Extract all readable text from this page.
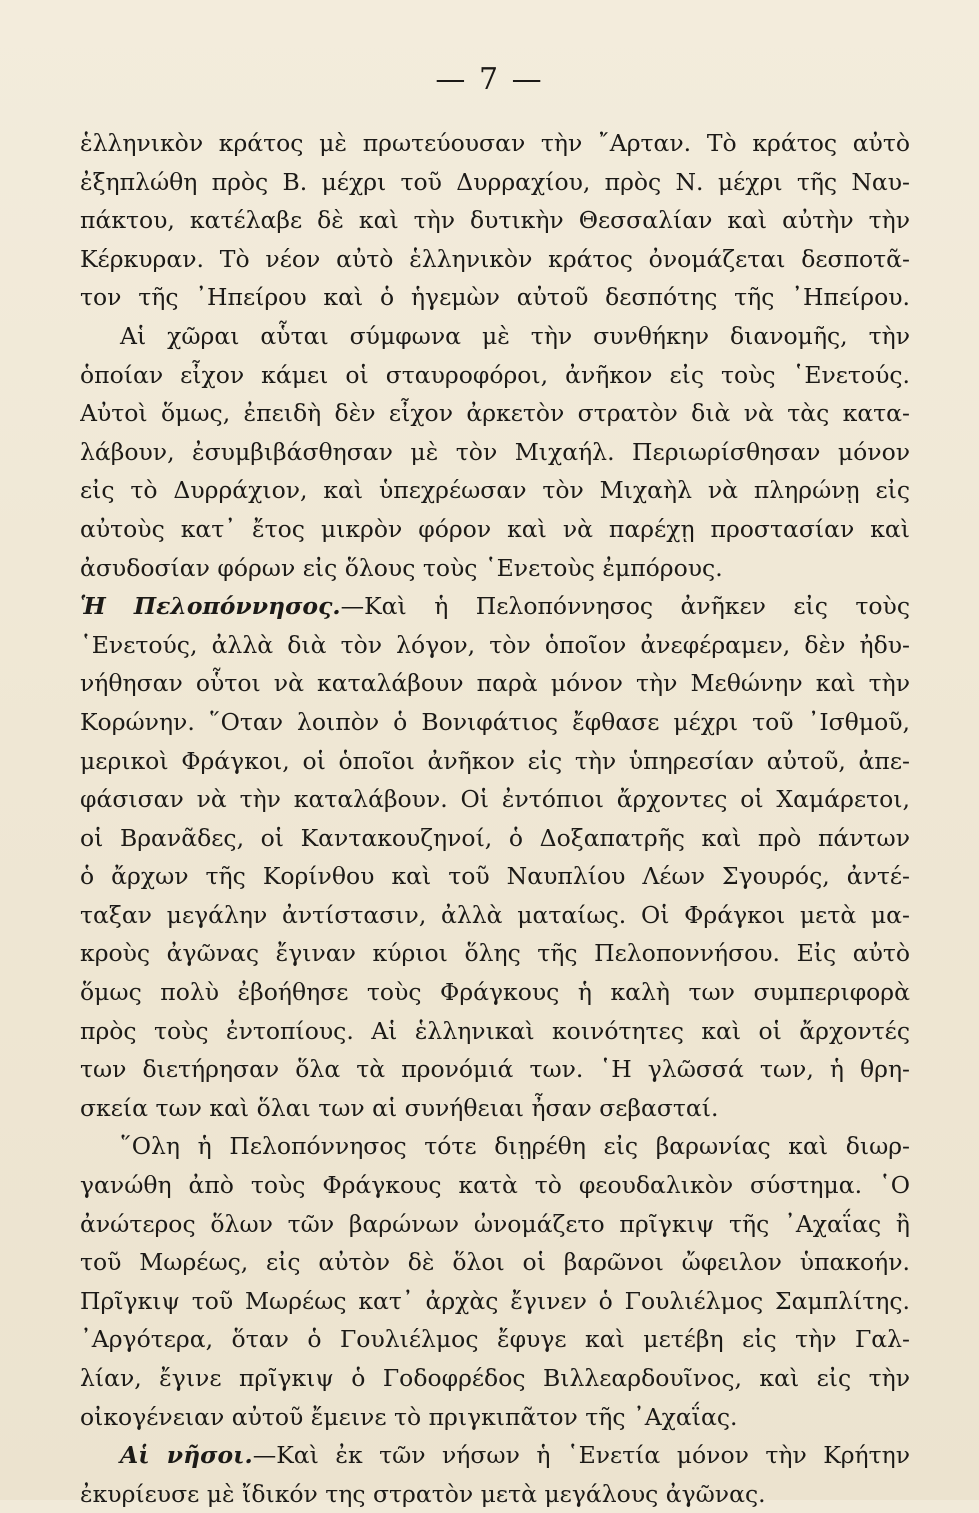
— 7 —
ἑλληνικὸν κράτος μὲ πρωτεύουσαν τὴν ῎Αρταν. Τὸ κράτος αὐτὸ
ἐξηπλώθη πρὸς Β. μέχρι τοῦ Δυρραχίου, πρὸς Ν. μέχρι τῆς Ναυ-
πάκτου, κατέλαβε δὲ καὶ τὴν δυτικὴν Θεσσαλίαν καὶ αὐτὴν τὴν
Κέρκυραν. Τὸ νέον αὐτὸ ἑλληνικὸν κράτος ὀνομάζεται δεσποτᾶ-
τον τῆς ᾿Ηπείρου καὶ ὁ ἡγεμὼν αὐτοῦ δεσπότης τῆς ᾿Ηπείρου.
Αἱ χῶραι αὗται σύμφωνα μὲ τὴν συνθήκην διανομῆς, τὴν
ὁποίαν εἶχον κάμει οἱ σταυροφόροι, ἀνῆκον εἰς τοὺς ῾Ενετούς.
Αὐτοὶ ὅμως, ἐπειδὴ δὲν εἶχον ἀρκετὸν στρατὸν διὰ νὰ τὰς κατα-
λάβουν, ἐσυμβιβάσθησαν μὲ τὸν Μιχαήλ. Περιωρίσθησαν μόνον
εἰς τὸ Δυρράχιον, καὶ ὑπεχρέωσαν τὸν Μιχαὴλ νὰ πληρώνῃ εἰς
αὐτοὺς κατ᾿ ἔτος μικρὸν φόρον καὶ νὰ παρέχῃ προστασίαν καὶ
ἀσυδοσίαν φόρων εἰς ὅλους τοὺς ῾Ενετοὺς ἐμπόρους.
Ἡ Πελοπόννησος.—Καὶ ἡ Πελοπόννησος ἀνῆκεν εἰς τοὺς
῾Ενετούς, ἀλλὰ διὰ τὸν λόγον, τὸν ὁποῖον ἀνεφέραμεν, δὲν ἠδυ-
νήθησαν οὗτοι νὰ καταλάβουν παρὰ μόνον τὴν Μεθώνην καὶ τὴν
Κορώνην. ῞Οταν λοιπὸν ὁ Βονιφάτιος ἔφθασε μέχρι τοῦ ᾿Ισθμοῦ,
μερικοὶ Φράγκοι, οἱ ὁποῖοι ἀνῆκον εἰς τὴν ὑπηρεσίαν αὐτοῦ, ἀπε-
φάσισαν νὰ τὴν καταλάβουν. Οἱ ἐντόπιοι ἄρχοντες οἱ Χαμάρετοι,
οἱ Βρανᾶδες, οἱ Καντακουζηνοί, ὁ Δοξαπατρῆς καὶ πρὸ πάντων
ὁ ἄρχων τῆς Κορίνθου καὶ τοῦ Ναυπλίου Λέων Σγουρός, ἀντέ-
ταξαν μεγάλην ἀντίστασιν, ἀλλὰ ματαίως. Οἱ Φράγκοι μετὰ μα-
κροὺς ἀγῶνας ἔγιναν κύριοι ὅλης τῆς Πελοποννήσου. Εἰς αὐτὸ
ὅμως πολὺ ἐβοήθησε τοὺς Φράγκους ἡ καλὴ των συμπεριφορὰ
πρὸς τοὺς ἐντοπίους. Αἱ ἑλληνικαὶ κοινότητες καὶ οἱ ἄρχοντές
των διετήρησαν ὅλα τὰ προνόμιά των. ῾Η γλῶσσά των, ἡ θρη-
σκεία των καὶ ὅλαι των αἱ συνήθειαι ἦσαν σεβασταί.
῞Ολη ἡ Πελοπόννησος τότε διῃρέθη εἰς βαρωνίας καὶ διωρ-
γανώθη ἀπὸ τοὺς Φράγκους κατὰ τὸ φεουδαλικὸν σύστημα. ῾Ο
ἀνώτερος ὅλων τῶν βαρώνων ὠνομάζετο πρῖγκιψ τῆς ᾿Αχαΐας ἢ
τοῦ Μωρέως, εἰς αὐτὸν δὲ ὅλοι οἱ βαρῶνοι ὤφειλον ὑπακοήν.
Πρῖγκιψ τοῦ Μωρέως κατ᾿ ἀρχὰς ἔγινεν ὁ Γουλιέλμος Σαμπλίτης.
᾿Αργότερα, ὅταν ὁ Γουλιέλμος ἔφυγε καὶ μετέβη εἰς τὴν Γαλ-
λίαν, ἔγινε πρῖγκιψ ὁ Γοδοφρέδος Βιλλεαρδουῖνος, καὶ εἰς τὴν
οἰκογένειαν αὐτοῦ ἔμεινε τὸ πριγκιπᾶτον τῆς ᾿Αχαΐας.
Αἱ νῆσοι.—Καὶ ἐκ τῶν νήσων ἡ ῾Ενετία μόνον τὴν Κρήτην
ἐκυρίευσε μὲ ἴδικόν της στρατὸν μετὰ μεγάλους ἀγῶνας.
